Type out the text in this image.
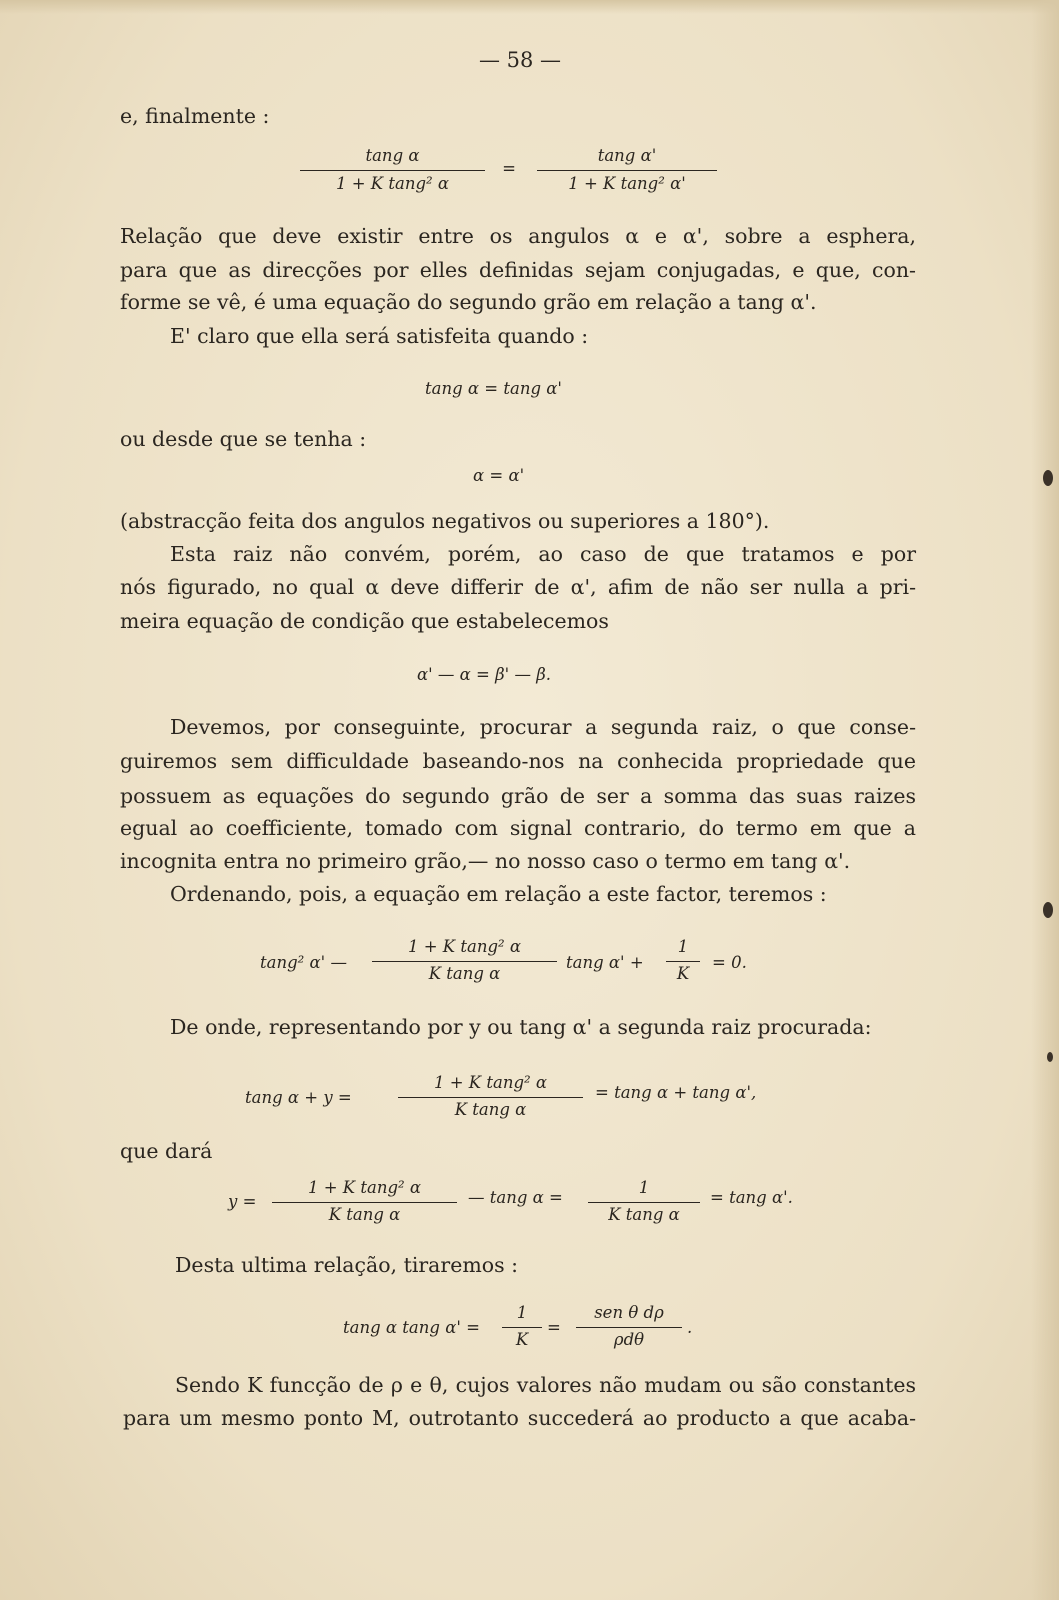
— 58 —
e, finalmente :
tang α
1 + K tang² α
=
tang α'
1 + K tang² α'
Relação que deve existir entre os angulos α e α', sobre a esphera,
para que as direcções por elles definidas sejam conjugadas, e que, con-
forme se vê, é uma equação do segundo grão em relação a tang α'.
E' claro que ella será satisfeita quando :
tang α = tang α'
ou desde que se tenha :
α = α'
(abstracção feita dos angulos negativos ou superiores a 180°).
Esta raiz não convém, porém, ao caso de que tratamos e por
nós figurado, no qual α deve differir de α', afim de não ser nulla a pri-
meira equação de condição que estabelecemos
α' — α = β' — β.
Devemos, por conseguinte, procurar a segunda raiz, o que conse-
guiremos sem difficuldade baseando-nos na conhecida propriedade que
possuem as equações do segundo grão de ser a somma das suas raizes
egual ao coefficiente, tomado com signal contrario, do termo em que a
incognita entra no primeiro grão,— no nosso caso o termo em tang α'.
Ordenando, pois, a equação em relação a este factor, teremos :
tang² α' —
1 + K tang² α
K tang α
tang α' +
1
K
= 0.
De onde, representando por y ou tang α' a segunda raiz procurada:
tang α + y =
1 + K tang² α
K tang α
= tang α + tang α',
que dará
y =
1 + K tang² α
K tang α
— tang α =
1
K tang α
= tang α'.
Desta ultima relação, tiraremos :
tang α tang α' =
1
K
=
sen θ dρ
ρdθ
.
Sendo K funcção de ρ e θ, cujos valores não mudam ou são constantes
para um mesmo ponto M, outrotanto succederá ao producto a que acaba-
